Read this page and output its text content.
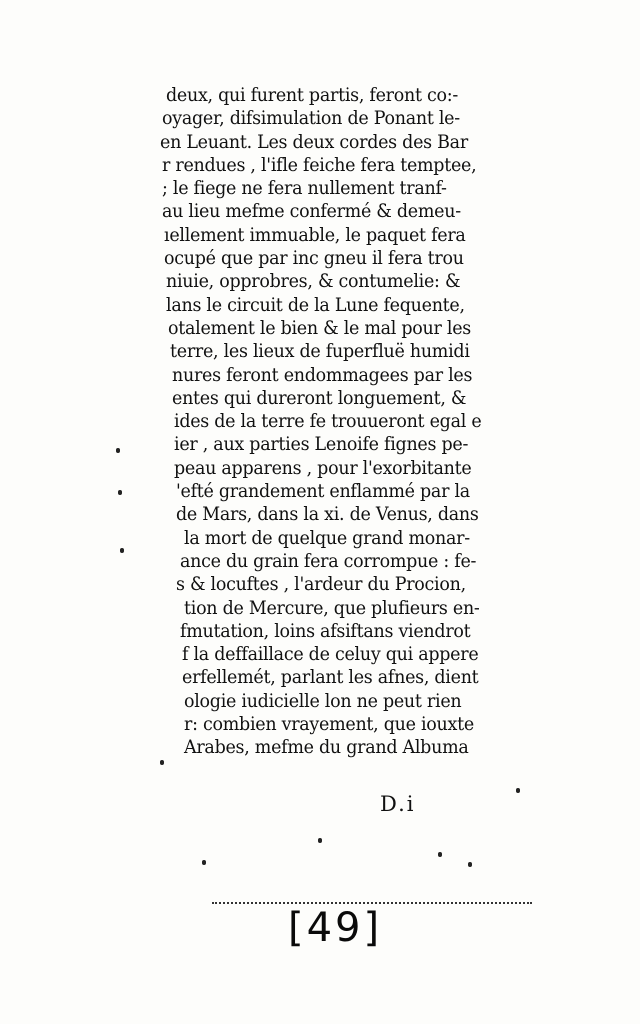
deux, qui furent partis, feront co:-
oyager, difsimulation de Ponant le-
en Leuant. Les deux cordes des Bar
r rendues , l'ifle feiche fera temptee,
; le fiege ne fera nullement tranf-
au lieu mefme confermé & demeu-
ıellement immuable, le paquet fera
ocupé que par inc gneu il fera trou
niuie, opprobres, & contumelie: &
lans le circuit de la Lune fequente,
otalement le bien & le mal pour les
terre, les lieux de fuperfluë humidi
nures feront endommagees par les
entes qui dureront longuement, &
ides de la terre fe trouueront egal e
ier , aux parties Lenoife fignes pe-
peau apparens , pour l'exorbitante
'efté grandement enflammé par la
de Mars, dans la xi. de Venus, dans
la mort de quelque grand monar-
ance du grain fera corrompue : fe-
s & locuftes , l'ardeur du Procion,
tion de Mercure, que plufieurs en-
fmutation, loins afsiftans viendrot
f la deffaillace de celuy qui appere
erfellemét, parlant les afnes, dient
ologie iudicielle lon ne peut rien
r: combien vrayement, que iouxte
Arabes, mefme du grand Albuma
D.i
[49]
